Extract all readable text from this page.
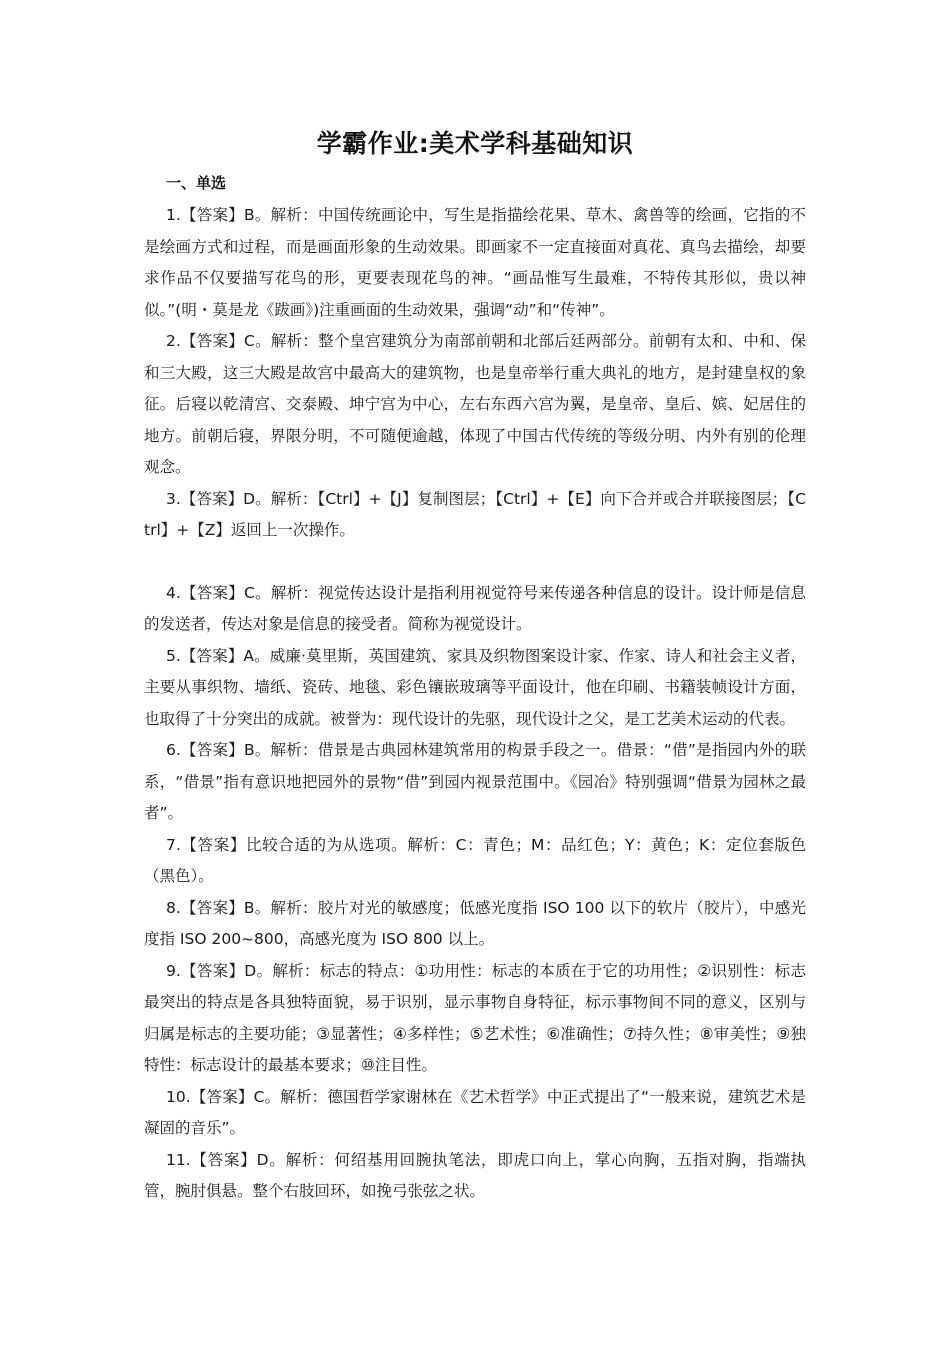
学霸作业:美术学科基础知识
一、单选

1.【答案】B。解析：中国传统画论中，写生是指描绘花果、草木、禽兽等的绘画，它指的不是绘画方式和过程，而是画面形象的生动效果。即画家不一定直接面对真花、真鸟去描绘，却要求作品不仅要描写花鸟的形，更要表现花鸟的神。“画品惟写生最难，不特传其形似，贵以神似。”(明・莫是龙《跋画》)注重画面的生动效果，强调“动”和“传神”。

2.【答案】C。解析：整个皇宫建筑分为南部前朝和北部后廷两部分。前朝有太和、中和、保和三大殿，这三大殿是故宫中最高大的建筑物，也是皇帝举行重大典礼的地方，是封建皇权的象征。后寝以乾清宫、交泰殿、坤宁宫为中心，左右东西六宫为翼，是皇帝、皇后、嫔、妃居住的地方。前朝后寝，界限分明，不可随便逾越，体现了中国古代传统的等级分明、内外有别的伦理观念。

3.【答案】D。解析：【Ctrl】+【J】复制图层；【Ctrl】+【E】向下合并或合并联接图层；【Ctrl】+【Z】返回上一次操作。

4.【答案】C。解析：视觉传达设计是指利用视觉符号来传递各种信息的设计。设计师是信息的发送者，传达对象是信息的接受者。简称为视觉设计。

5.【答案】A。威廉·莫里斯，英国建筑、家具及织物图案设计家、作家、诗人和社会主义者，主要从事织物、墙纸、瓷砖、地毯、彩色镶嵌玻璃等平面设计，他在印刷、书籍装帧设计方面，也取得了十分突出的成就。被誉为：现代设计的先驱，现代设计之父，是工艺美术运动的代表。

6.【答案】B。解析：借景是古典园林建筑常用的构景手段之一。借景：“借”是指园内外的联系，“借景”指有意识地把园外的景物“借”到园内视景范围中。《园冶》特别强调“借景为园林之最者”。

7.【答案】比较合适的为从选项。解析：C：青色；M：品红色；Y：黄色；K：定位套版色（黑色）。

8.【答案】B。解析：胶片对光的敏感度；低感光度指 ISO 100 以下的软片（胶片），中感光度指 ISO 200~800，高感光度为 ISO 800 以上。

9.【答案】D。解析：标志的特点：①功用性：标志的本质在于它的功用性；②识别性：标志最突出的特点是各具独特面貌，易于识别，显示事物自身特征，标示事物间不同的意义，区别与归属是标志的主要功能；③显著性；④多样性；⑤艺术性；⑥准确性；⑦持久性；⑧审美性；⑨独特性：标志设计的最基本要求；⑩注目性。

10.【答案】C。解析：德国哲学家谢林在《艺术哲学》中正式提出了“一般来说，建筑艺术是凝固的音乐”。

11.【答案】D。解析：何绍基用回腕执笔法，即虎口向上，掌心向胸，五指对胸，指端执管，腕肘俱悬。整个右肢回环，如挽弓张弦之状。
